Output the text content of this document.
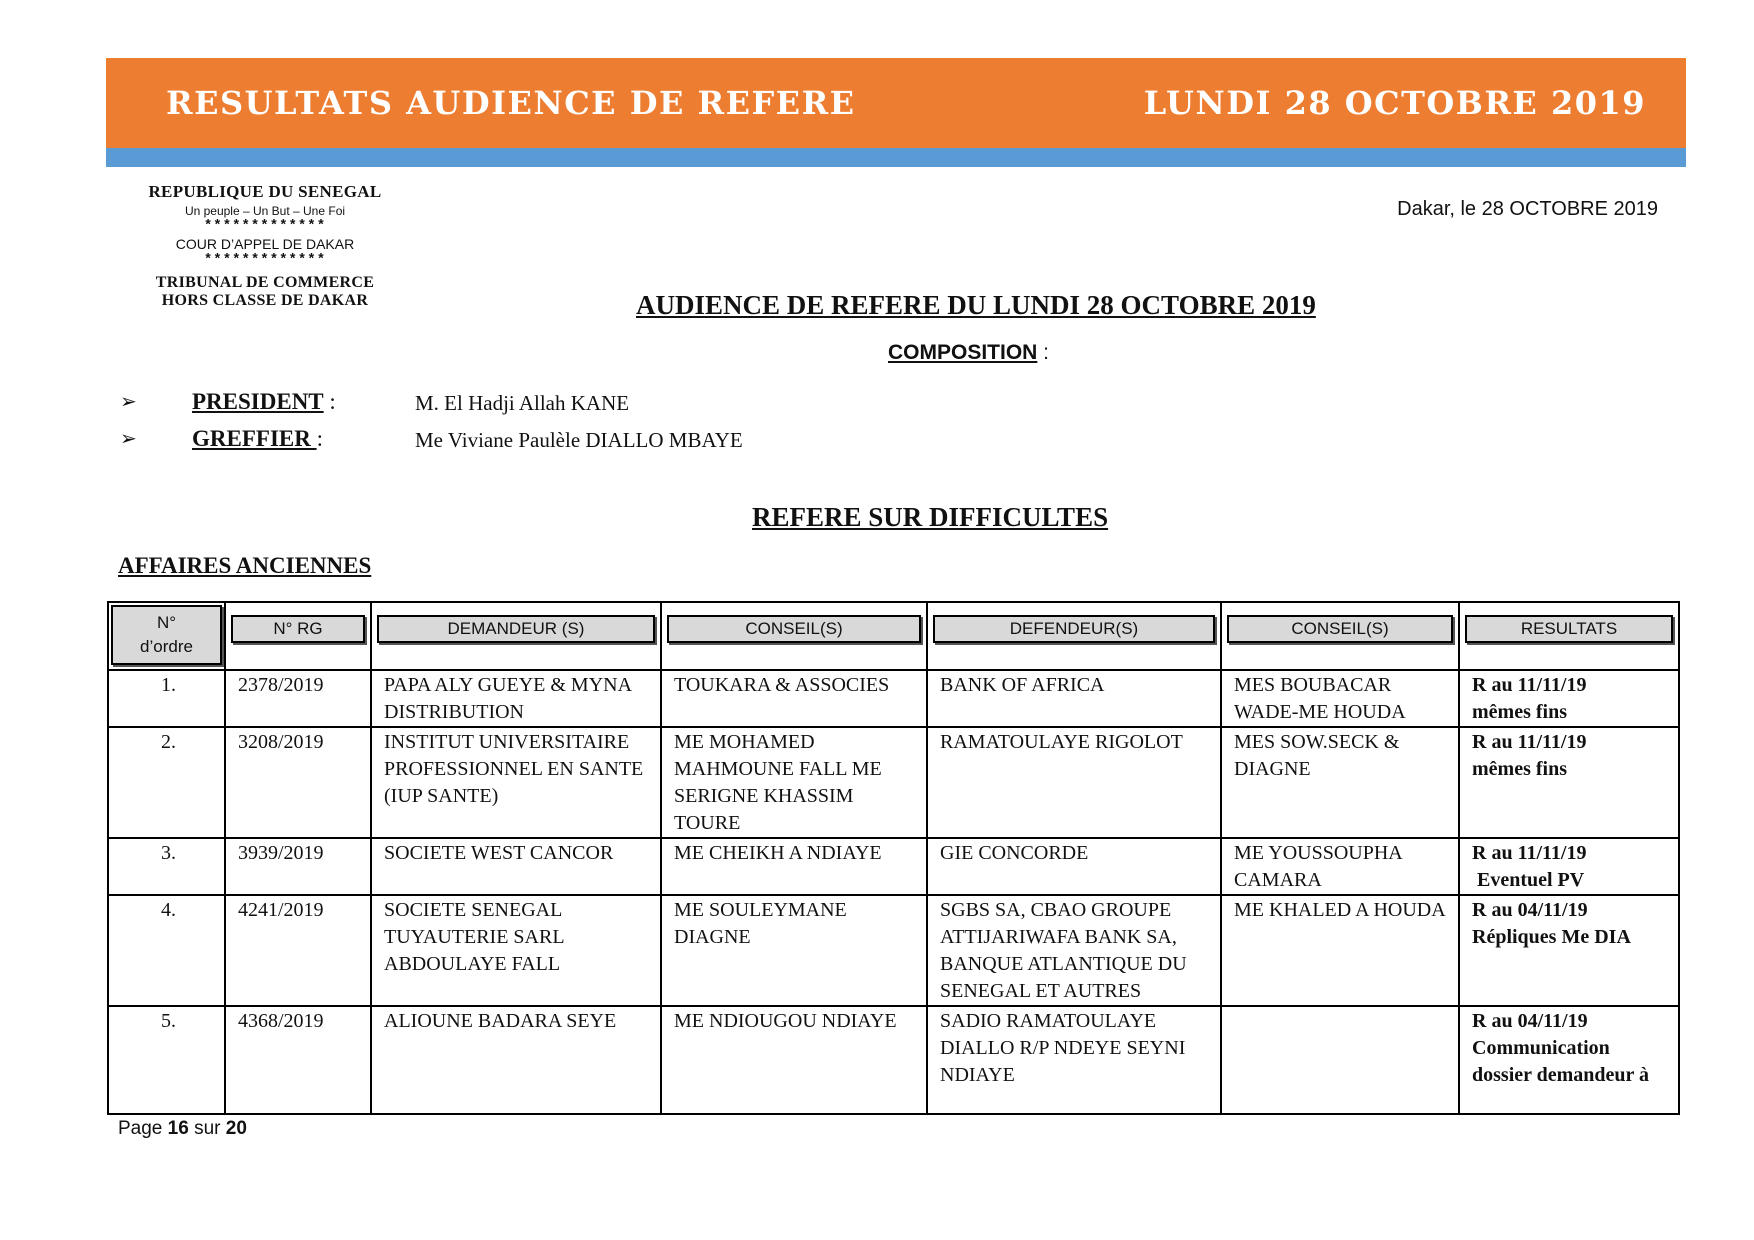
RESULTATS AUDIENCE DE REFERE	LUNDI 28 OCTOBRE 2019
REPUBLIQUE DU SENEGAL
Un peuple – Un But – Une Foi
*************
COUR D’APPEL DE DAKAR
*************
TRIBUNAL DE COMMERCE
HORS CLASSE DE DAKAR
Dakar, le 28 OCTOBRE 2019
AUDIENCE DE REFERE DU LUNDI 28 OCTOBRE 2019
COMPOSITION :
➢ PRESIDENT :	M. El Hadji Allah KANE
➢ GREFFIER :	Me Viviane Paulèle DIALLO MBAYE
REFERE SUR DIFFICULTES
AFFAIRES ANCIENNES
N°
d’ordre	N° RG	DEMANDEUR (S)	CONSEIL(S)	DEFENDEUR(S)	CONSEIL(S)	RESULTATS

1.	2378/2019	PAPA ALY GUEYE & MYNA DISTRIBUTION	TOUKARA & ASSOCIES	BANK OF AFRICA	MES BOUBACAR WADE-ME HOUDA	R au 11/11/19
mêmes fins

2.	3208/2019	INSTITUT UNIVERSITAIRE PROFESSIONNEL EN SANTE (IUP SANTE)	ME MOHAMED MAHMOUNE FALL ME SERIGNE KHASSIM TOURE	RAMATOULAYE RIGOLOT	MES SOW.SECK & DIAGNE	R au 11/11/19
mêmes fins

3.	3939/2019	SOCIETE WEST CANCOR	ME CHEIKH A NDIAYE	GIE CONCORDE	ME YOUSSOUPHA CAMARA	R au 11/11/19
Eventuel PV

4.	4241/2019	SOCIETE SENEGAL TUYAUTERIE SARL ABDOULAYE FALL	ME SOULEYMANE DIAGNE	SGBS SA, CBAO GROUPE ATTIJARIWAFA BANK SA, BANQUE ATLANTIQUE DU SENEGAL ET AUTRES	ME KHALED A HOUDA	R au 04/11/19
Répliques Me DIA

5.	4368/2019	ALIOUNE BADARA SEYE	ME NDIOUGOU NDIAYE	SADIO RAMATOULAYE DIALLO R/P NDEYE SEYNI NDIAYE		R au 04/11/19
Communication dossier demandeur à
Page 16 sur 20
